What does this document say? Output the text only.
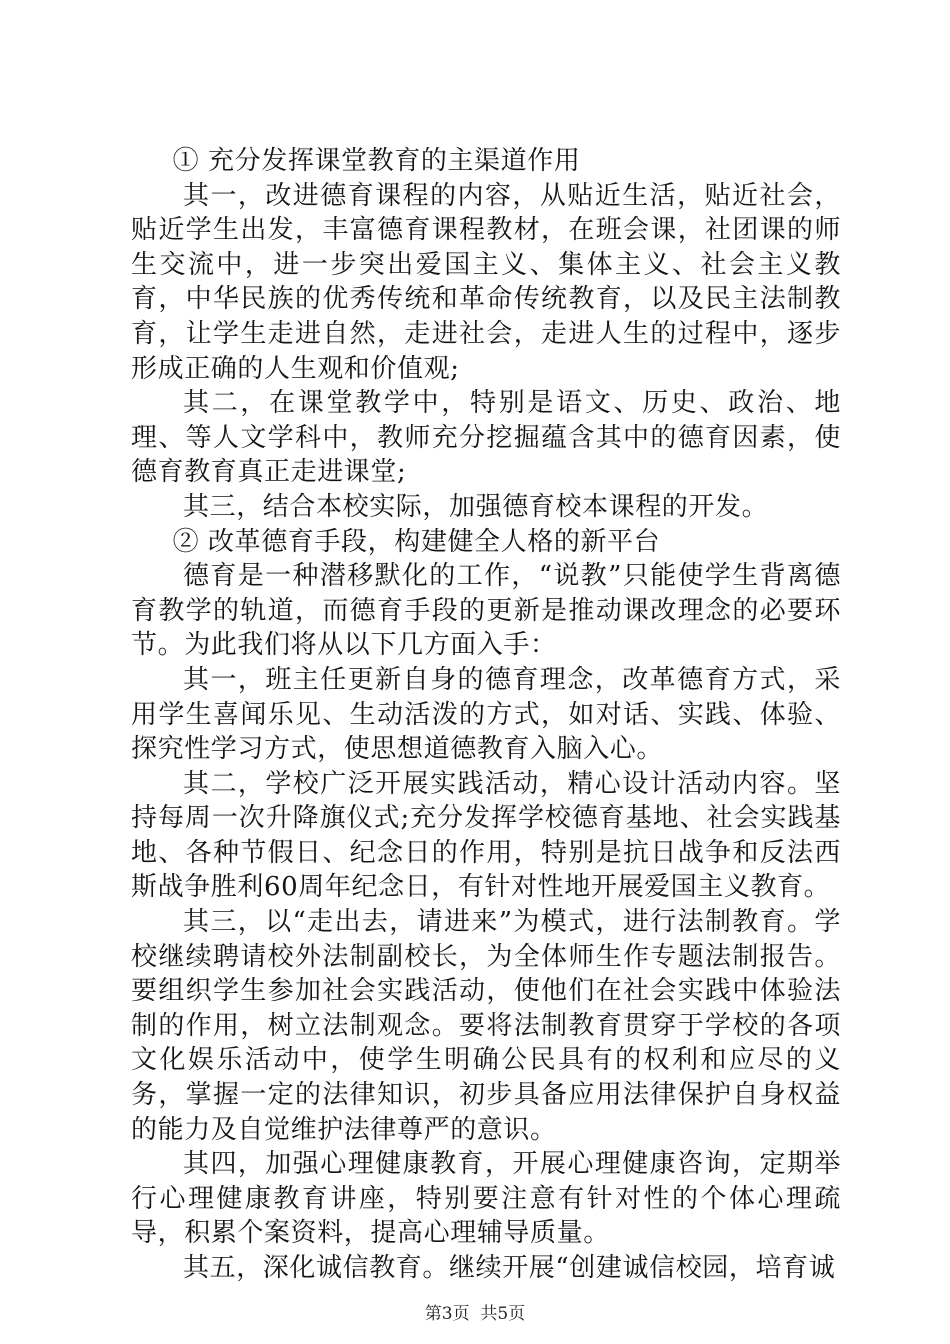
① 充分发挥课堂教育的主渠道作用

其一，改进德育课程的内容，从贴近生活，贴近社会，贴近学生出发，丰富德育课程教材，在班会课，社团课的师生交流中，进一步突出爱国主义、集体主义、社会主义教育，中华民族的优秀传统和革命传统教育，以及民主法制教育，让学生走进自然，走进社会，走进人生的过程中，逐步形成正确的人生观和价值观;

其二，在课堂教学中，特别是语文、历史、政治、地理、等人文学科中，教师充分挖掘蕴含其中的德育因素，使德育教育真正走进课堂;

其三，结合本校实际，加强德育校本课程的开发。

② 改革德育手段，构建健全人格的新平台

德育是一种潜移默化的工作，“说教”只能使学生背离德育教学的轨道，而德育手段的更新是推动课改理念的必要环节。为此我们将从以下几方面入手：

其一，班主任更新自身的德育理念，改革德育方式，采用学生喜闻乐见、生动活泼的方式，如对话、实践、体验、探究性学习方式，使思想道德教育入脑入心。

其二，学校广泛开展实践活动，精心设计活动内容。坚持每周一次升降旗仪式;充分发挥学校德育基地、社会实践基地、各种节假日、纪念日的作用，特别是抗日战争和反法西斯战争胜利60周年纪念日，有针对性地开展爱国主义教育。

其三，以“走出去，请进来”为模式，进行法制教育。学校继续聘请校外法制副校长，为全体师生作专题法制报告。要组织学生参加社会实践活动，使他们在社会实践中体验法制的作用，树立法制观念。要将法制教育贯穿于学校的各项文化娱乐活动中，使学生明确公民具有的权利和应尽的义务，掌握一定的法律知识，初步具备应用法律保护自身权益的能力及自觉维护法律尊严的意识。

其四，加强心理健康教育，开展心理健康咨询，定期举行心理健康教育讲座，特别要注意有针对性的个体心理疏导，积累个案资料，提高心理辅导质量。

其五，深化诚信教育。继续开展“创建诚信校园，培育诚

第3页  共5页
